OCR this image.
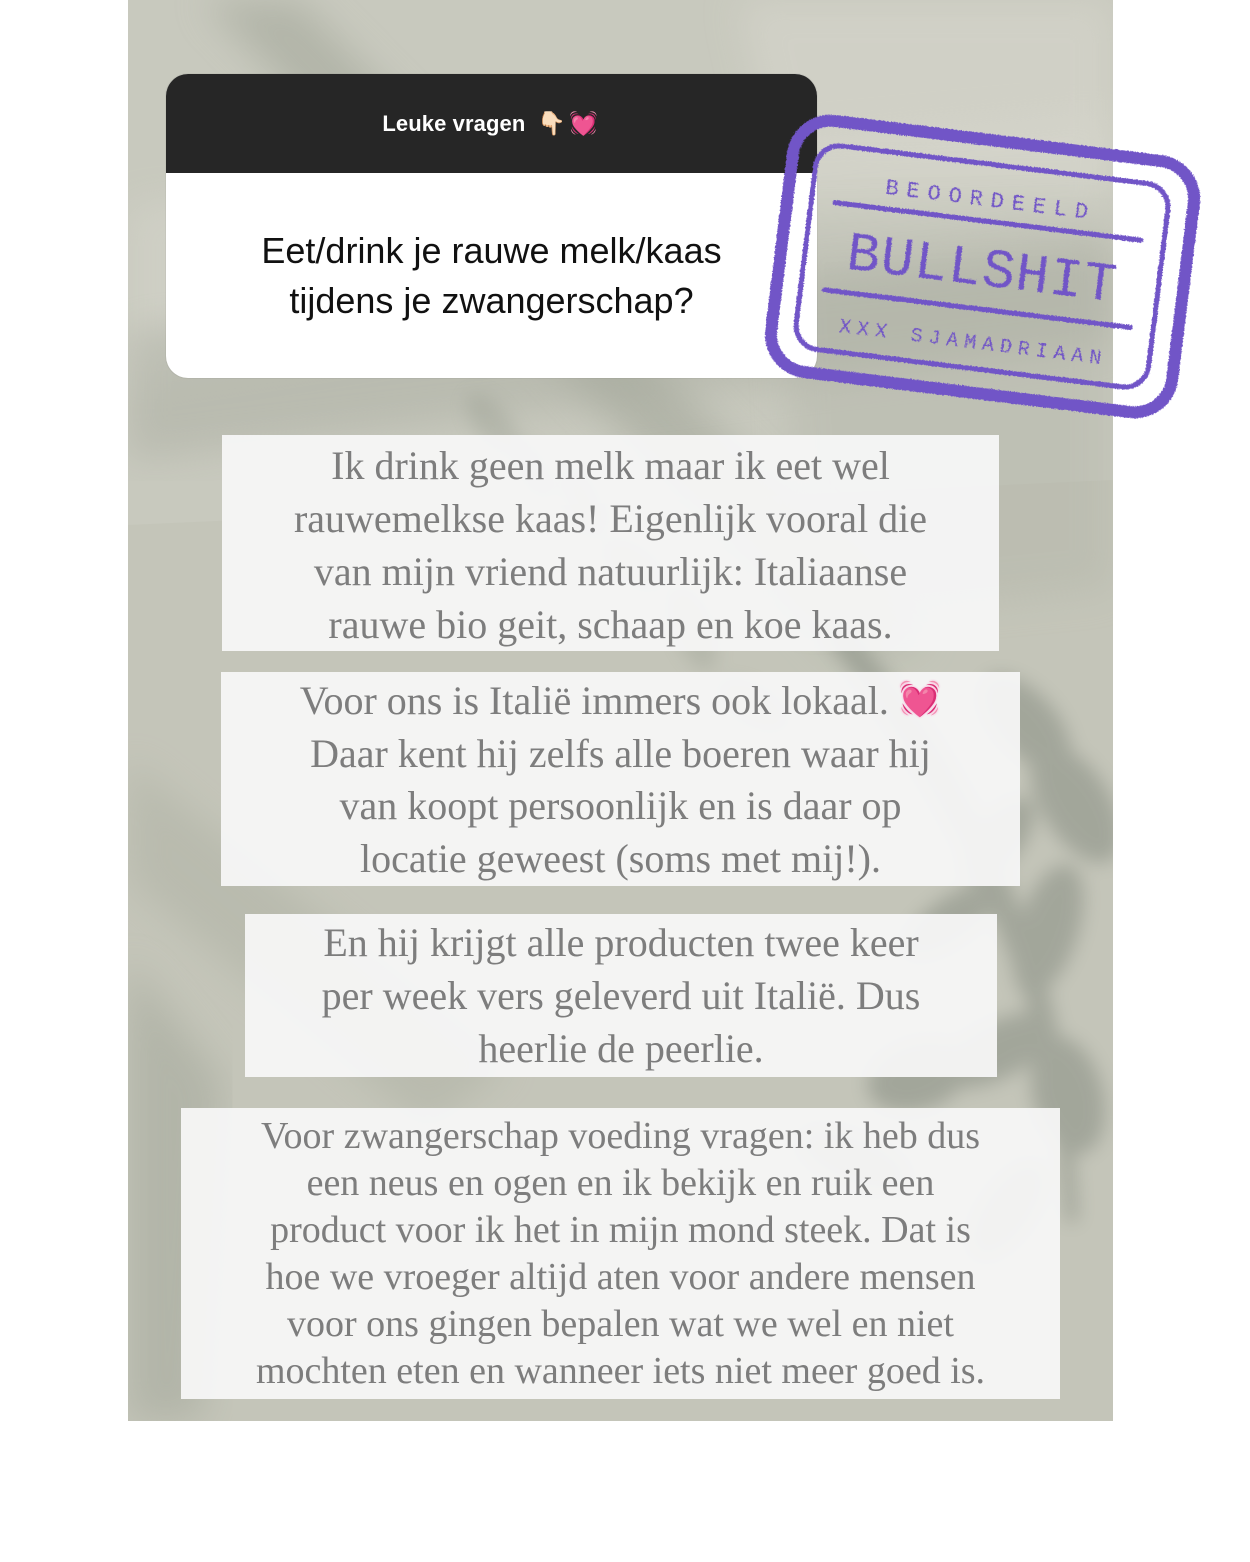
Leuke vragen 👇🏻💓
Eet/drink je rauwe melk/kaas
tijdens je zwangerschap?
BEOORDEELD
BULLSHIT
XXX SJAMADRIAAN
Ik drink geen melk maar ik eet wel
rauwemelkse kaas! Eigenlijk vooral die
van mijn vriend natuurlijk: Italiaanse
rauwe bio geit, schaap en koe kaas.
Voor ons is Italië immers ook lokaal. 💓
Daar kent hij zelfs alle boeren waar hij
van koopt persoonlijk en is daar op
locatie geweest (soms met mij!).
En hij krijgt alle producten twee keer
per week vers geleverd uit Italië. Dus
heerlie de peerlie.
Voor zwangerschap voeding vragen: ik heb dus
een neus en ogen en ik bekijk en ruik een
product voor ik het in mijn mond steek. Dat is
hoe we vroeger altijd aten voor andere mensen
voor ons gingen bepalen wat we wel en niet
mochten eten en wanneer iets niet meer goed is.
